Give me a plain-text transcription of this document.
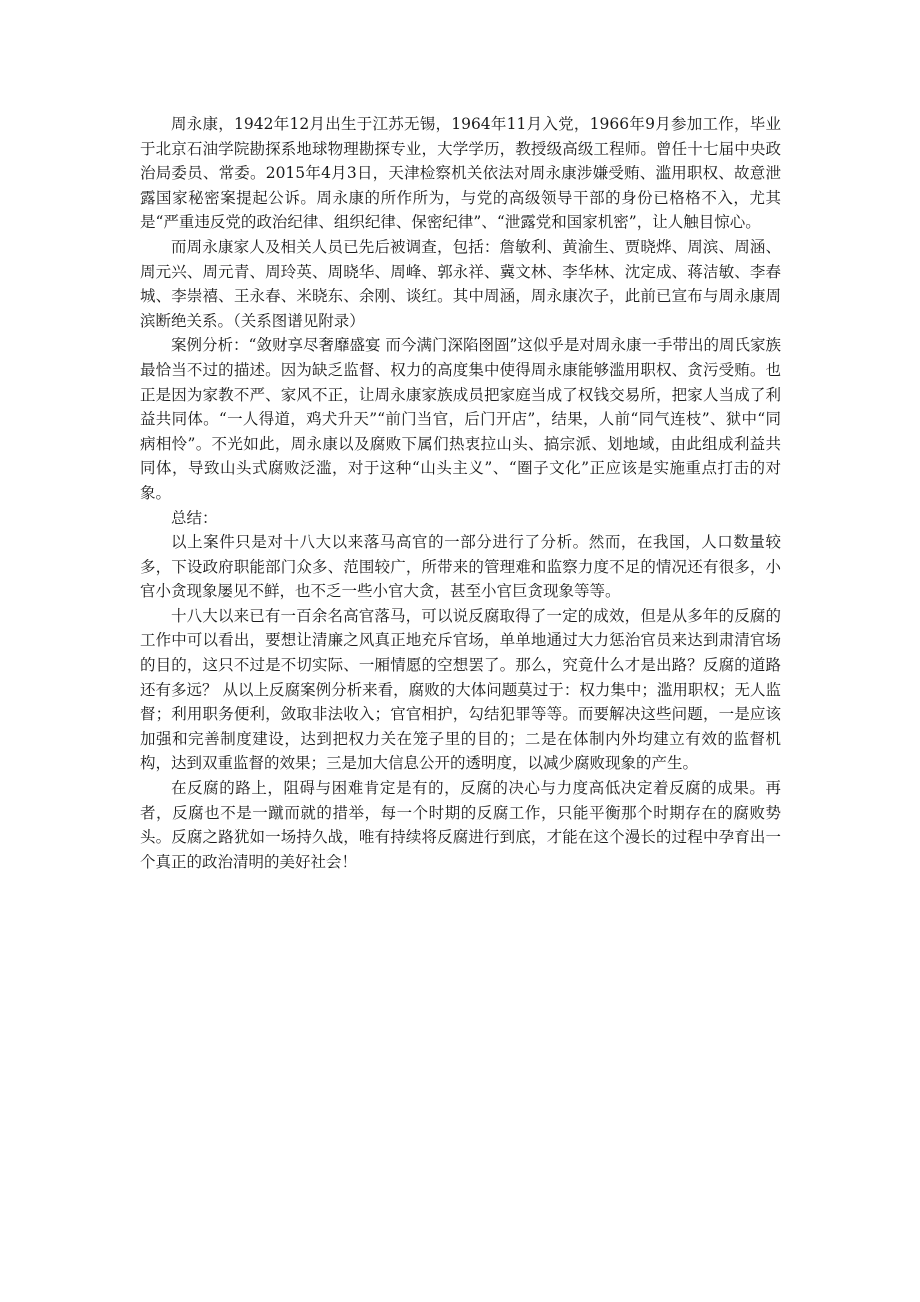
周永康，1942年12月出生于江苏无锡，1964年11月入党，1966年9月参加工作，毕业于北京石油学院勘探系地球物理勘探专业，大学学历，教授级高级工程师。曾任十七届中央政治局委员、常委。2015年4月3日，天津检察机关依法对周永康涉嫌受贿、滥用职权、故意泄露国家秘密案提起公诉。周永康的所作所为，与党的高级领导干部的身份已格格不入，尤其是“严重违反党的政治纪律、组织纪律、保密纪律”、“泄露党和国家机密”，让人触目惊心。

而周永康家人及相关人员已先后被调查，包括：詹敏利、黄渝生、贾晓烨、周滨、周涵、周元兴、周元青、周玲英、周晓华、周峰、郭永祥、冀文林、李华林、沈定成、蒋洁敏、李春城、李崇禧、王永春、米晓东、余刚、谈红。其中周涵，周永康次子，此前已宣布与周永康周滨断绝关系。（关系图谱见附录）

案例分析：“敛财享尽奢靡盛宴 而今满门深陷囹圄”这似乎是对周永康一手带出的周氏家族最恰当不过的描述。因为缺乏监督、权力的高度集中使得周永康能够滥用职权、贪污受贿。也正是因为家教不严、家风不正，让周永康家族成员把家庭当成了权钱交易所，把家人当成了利益共同体。“一人得道，鸡犬升天”“前门当官，后门开店”，结果，人前“同气连枝”、狱中“同病相怜”。不光如此，周永康以及腐败下属们热衷拉山头、搞宗派、划地域，由此组成利益共同体，导致山头式腐败泛滥，对于这种“山头主义”、“圈子文化”正应该是实施重点打击的对象。

总结：

以上案件只是对十八大以来落马高官的一部分进行了分析。然而，在我国，人口数量较多，下设政府职能部门众多、范围较广，所带来的管理难和监察力度不足的情况还有很多，小官小贪现象屡见不鲜，也不乏一些小官大贪，甚至小官巨贪现象等等。

十八大以来已有一百余名高官落马，可以说反腐取得了一定的成效，但是从多年的反腐的工作中可以看出，要想让清廉之风真正地充斥官场，单单地通过大力惩治官员来达到肃清官场的目的，这只不过是不切实际、一厢情愿的空想罢了。那么，究竟什么才是出路？反腐的道路还有多远？ 从以上反腐案例分析来看，腐败的大体问题莫过于：权力集中；滥用职权；无人监督；利用职务便利，敛取非法收入；官官相护，勾结犯罪等等。而要解决这些问题，一是应该加强和完善制度建设，达到把权力关在笼子里的目的；二是在体制内外均建立有效的监督机构，达到双重监督的效果；三是加大信息公开的透明度，以减少腐败现象的产生。

在反腐的路上，阻碍与困难肯定是有的，反腐的决心与力度高低决定着反腐的成果。再者，反腐也不是一蹴而就的措举，每一个时期的反腐工作，只能平衡那个时期存在的腐败势头。反腐之路犹如一场持久战，唯有持续将反腐进行到底，才能在这个漫长的过程中孕育出一个真正的政治清明的美好社会！
